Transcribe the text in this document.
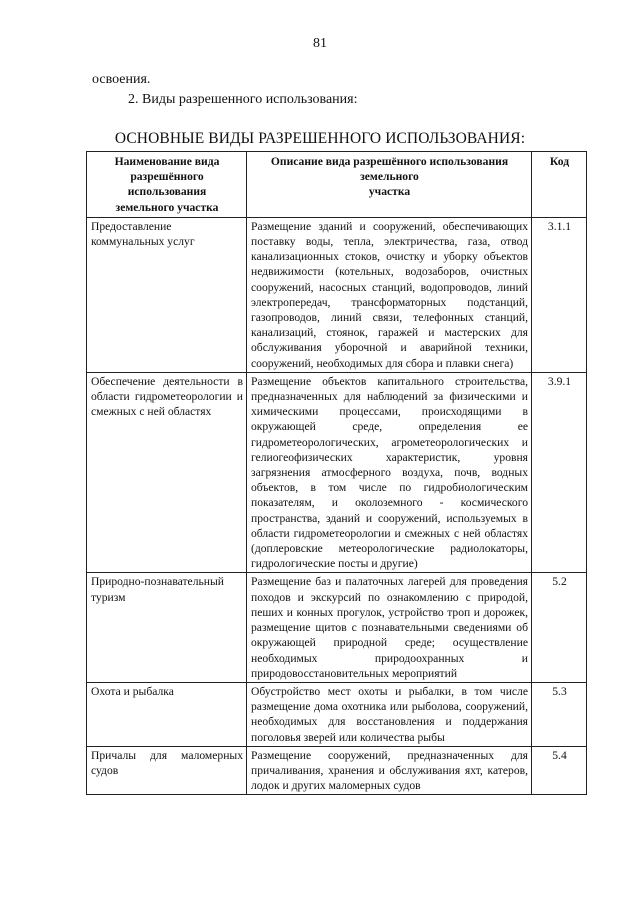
81
освоения.
2. Виды разрешенного использования:
ОСНОВНЫЕ ВИДЫ РАЗРЕШЕННОГО ИСПОЛЬЗОВАНИЯ:
Наименование вида
разрешённого
использования
земельного участка	Описание вида разрешённого использования
земельного
участка	Код
Предоставление коммунальных услуг	Размещение зданий и сооружений, обеспечивающих поставку воды, тепла, электричества, газа, отвод канализационных стоков, очистку и уборку объектов недвижимости (котельных, водозаборов, очистных сооружений, насосных станций, водопроводов, линий электропередач, трансформаторных подстанций, газопроводов, линий связи, телефонных станций, канализаций, стоянок, гаражей и мастерских для обслуживания уборочной и аварийной техники, сооружений, необходимых для сбора и плавки снега)	3.1.1
Обеспечение деятельности в области гидрометеорологии и смежных с ней областях	Размещение объектов капитального строительства, предназначенных для наблюдений за физическими и химическими процессами, происходящими в окружающей среде, определения ее гидрометеорологических, агрометеорологических и гелиогеофизических характеристик, уровня загрязнения атмосферного воздуха, почв, водных объектов, в том числе по гидробиологическим показателям, и околоземного - космического пространства, зданий и сооружений, используемых в области гидрометеорологии и смежных с ней областях (доплеровские метеорологические радиолокаторы, гидрологические посты и другие)	3.9.1
Природно-познавательный туризм	Размещение баз и палаточных лагерей для проведения походов и экскурсий по ознакомлению с природой, пеших и конных прогулок, устройство троп и дорожек, размещение щитов с познавательными сведениями об окружающей природной среде; осуществление необходимых природоохранных и природовосстановительных мероприятий	5.2
Охота и рыбалка	Обустройство мест охоты и рыбалки, в том числе размещение дома охотника или рыболова, сооружений, необходимых для восстановления и поддержания поголовья зверей или количества рыбы	5.3
Причалы для маломерных судов	Размещение сооружений, предназначенных для причаливания, хранения и обслуживания яхт, катеров, лодок и других маломерных судов	5.4
